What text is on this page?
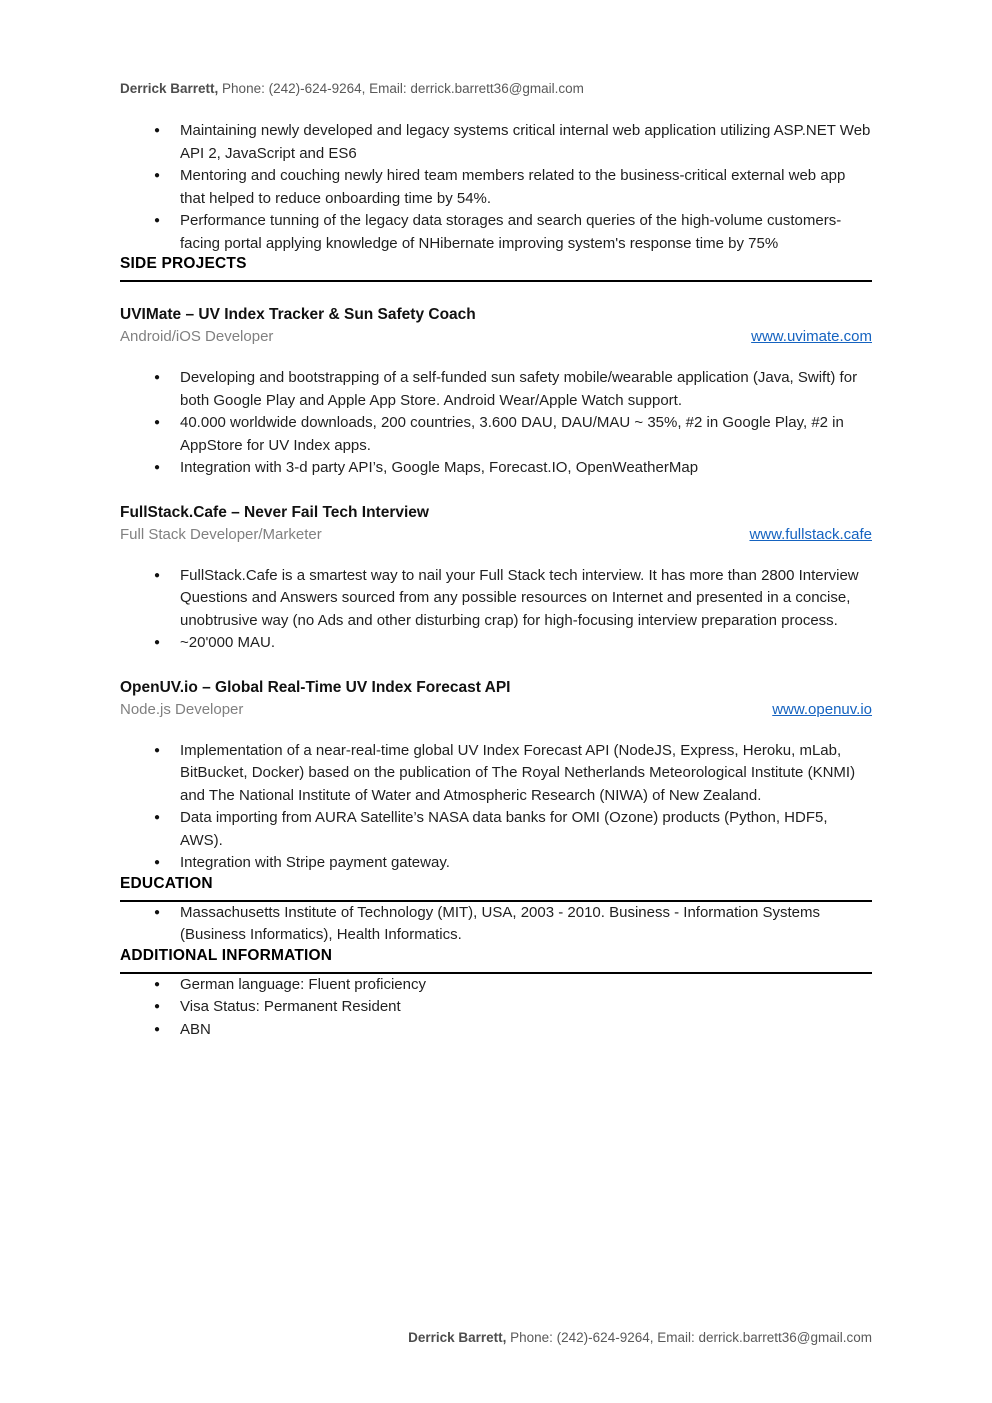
Derrick Barrett, Phone: (242)-624-9264, Email: derrick.barrett36@gmail.com
● Maintaining newly developed and legacy systems critical internal web application utilizing ASP.NET Web API 2, JavaScript and ES6
● Mentoring and couching newly hired team members related to the business-critical external web app that helped to reduce onboarding time by 54%.
● Performance tunning of the legacy data storages and search queries of the high-volume customers-facing portal applying knowledge of NHibernate improving system's response time by 75%
SIDE PROJECTS
UVIMate – UV Index Tracker & Sun Safety Coach
Android/iOS Developer	www.uvimate.com
● Developing and bootstrapping of a self-funded sun safety mobile/wearable application (Java, Swift) for both Google Play and Apple App Store. Android Wear/Apple Watch support.
● 40.000 worldwide downloads, 200 countries, 3.600 DAU, DAU/MAU ~ 35%, #2 in Google Play, #2 in AppStore for UV Index apps.
● Integration with 3-d party API’s, Google Maps, Forecast.IO, OpenWeatherMap
FullStack.Cafe – Never Fail Tech Interview
Full Stack Developer/Marketer	www.fullstack.cafe
● FullStack.Cafe is a smartest way to nail your Full Stack tech interview. It has more than 2800 Interview Questions and Answers sourced from any possible resources on Internet and presented in a concise, unobtrusive way (no Ads and other disturbing crap) for high-focusing interview preparation process.
● ~20'000 MAU.
OpenUV.io – Global Real-Time UV Index Forecast API
Node.js Developer	www.openuv.io
● Implementation of a near-real-time global UV Index Forecast API (NodeJS, Express, Heroku, mLab, BitBucket, Docker) based on the publication of The Royal Netherlands Meteorological Institute (KNMI) and The National Institute of Water and Atmospheric Research (NIWA) of New Zealand.
● Data importing from AURA Satellite’s NASA data banks for OMI (Ozone) products (Python, HDF5, AWS).
● Integration with Stripe payment gateway.
EDUCATION
● Massachusetts Institute of Technology (MIT), USA, 2003 - 2010. Business - Information Systems (Business Informatics), Health Informatics.
ADDITIONAL INFORMATION
● German language: Fluent proficiency
● Visa Status: Permanent Resident
● ABN
Derrick Barrett, Phone: (242)-624-9264, Email: derrick.barrett36@gmail.com
